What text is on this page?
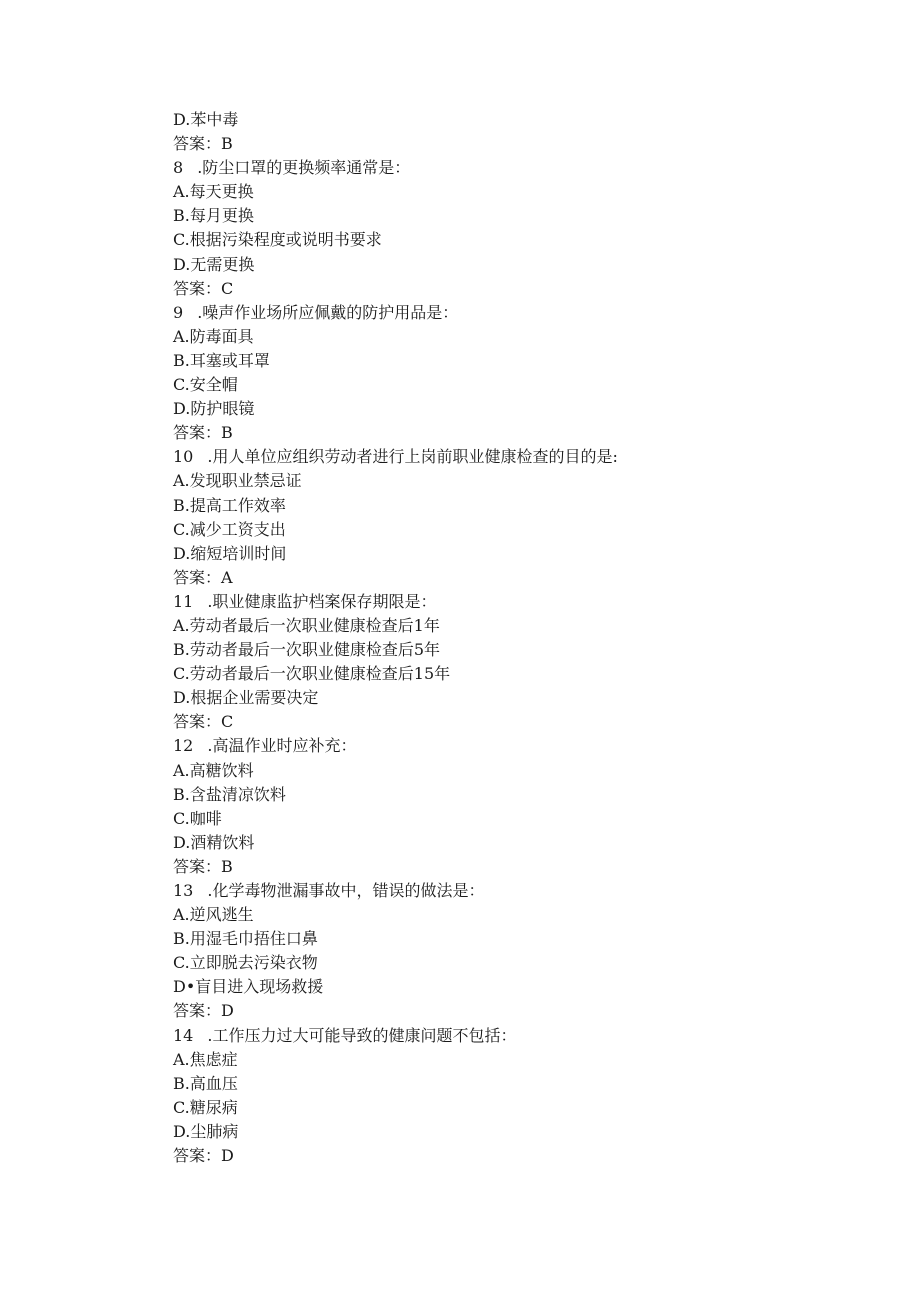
D.苯中毒
答案：B
8 .防尘口罩的更换频率通常是：
A.每天更换
B.每月更换
C.根据污染程度或说明书要求
D.无需更换
答案：C
9 .噪声作业场所应佩戴的防护用品是：
A.防毒面具
B.耳塞或耳罩
C.安全帽
D.防护眼镜
答案：B
10 .用人单位应组织劳动者进行上岗前职业健康检查的目的是:
A.发现职业禁忌证
B.提高工作效率
C.减少工资支出
D.缩短培训时间
答案：A
11 .职业健康监护档案保存期限是：
A.劳动者最后一次职业健康检查后1年
B.劳动者最后一次职业健康检查后5年
C.劳动者最后一次职业健康检查后15年
D.根据企业需要决定
答案：C
12 .高温作业时应补充：
A.高糖饮料
B.含盐清凉饮料
C.咖啡
D.酒精饮料
答案：B
13 .化学毒物泄漏事故中，错误的做法是：
A.逆风逃生
B.用湿毛巾捂住口鼻
C.立即脱去污染衣物
D•盲目进入现场救援
答案：D
14 .工作压力过大可能导致的健康问题不包括：
A.焦虑症
B.高血压
C.糖尿病
D.尘肺病
答案：D
